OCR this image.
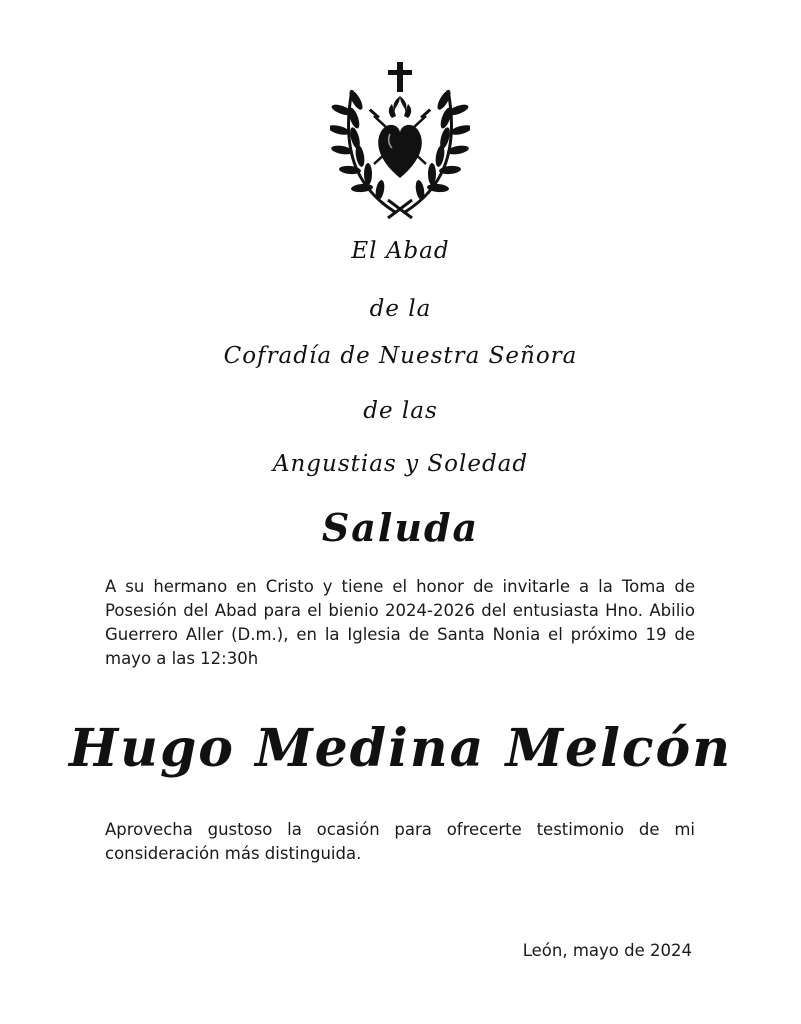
El Abad
de la
Cofradía de Nuestra Señora
de las
Angustias y Soledad
Saluda
A su hermano en Cristo y tiene el honor de invitarle a la Toma de Posesión del Abad para el bienio 2024-2026 del entusiasta Hno. Abilio Guerrero Aller (D.m.), en la Iglesia de Santa Nonia el próximo 19 de mayo a las 12:30h
Hugo Medina Melcón
Aprovecha gustoso la ocasión para ofrecerte testimonio de mi consideración más distinguida.
León, mayo de 2024
